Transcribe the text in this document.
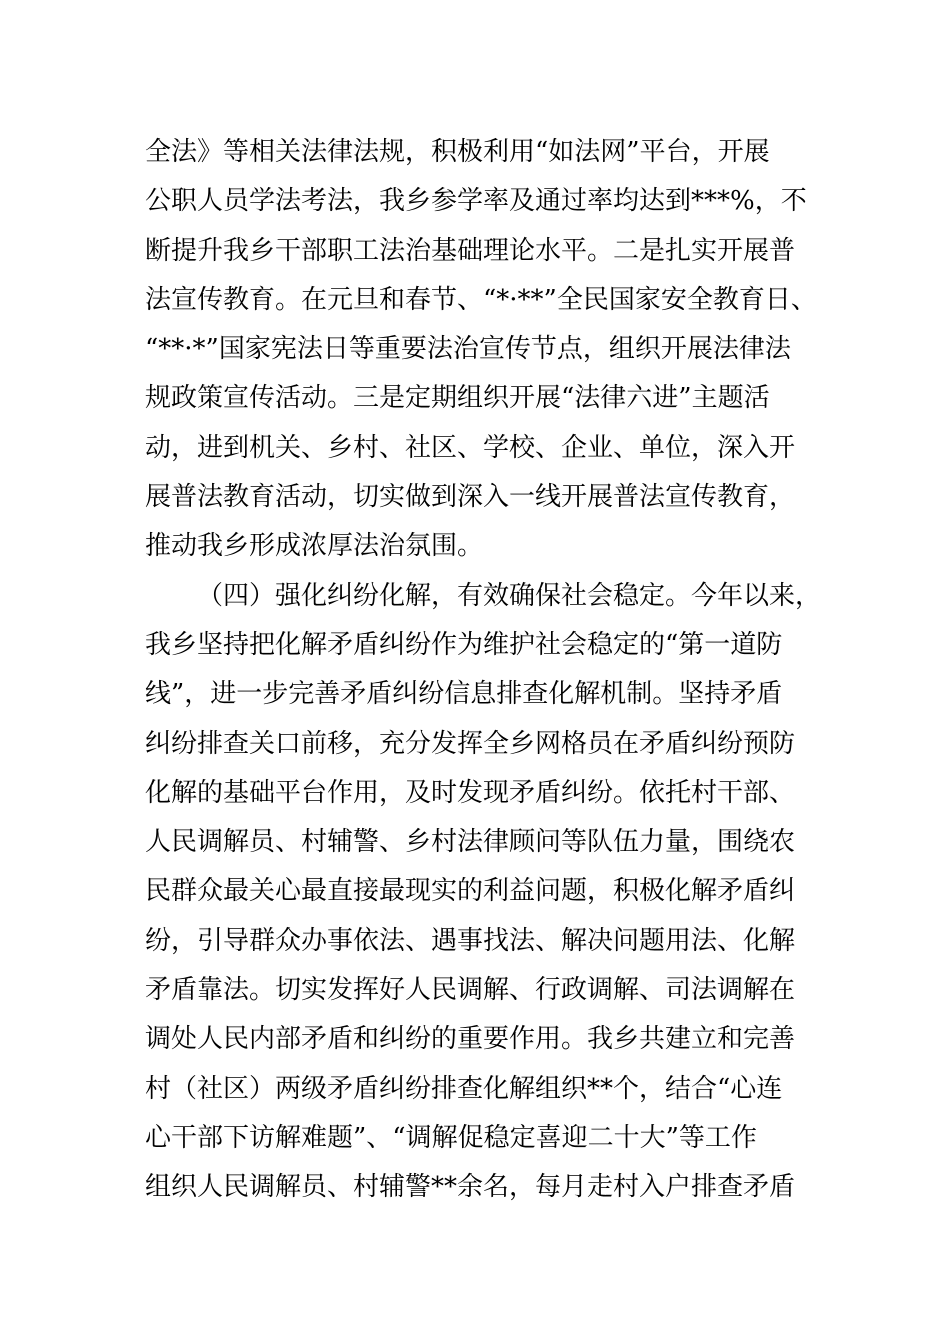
全法》等相关法律法规，积极利用“如法网”平台，开展
公职人员学法考法，我乡参学率及通过率均达到***%，不
断提升我乡干部职工法治基础理论水平。二是扎实开展普
法宣传教育。在元旦和春节、“*·**”全民国家安全教育日、
“**·*”国家宪法日等重要法治宣传节点，组织开展法律法
规政策宣传活动。三是定期组织开展“法律六进”主题活
动，进到机关、乡村、社区、学校、企业、单位，深入开
展普法教育活动，切实做到深入一线开展普法宣传教育，
推动我乡形成浓厚法治氛围。
（四）强化纠纷化解，有效确保社会稳定。今年以来，
我乡坚持把化解矛盾纠纷作为维护社会稳定的“第一道防
线”，进一步完善矛盾纠纷信息排查化解机制。坚持矛盾
纠纷排查关口前移，充分发挥全乡网格员在矛盾纠纷预防
化解的基础平台作用，及时发现矛盾纠纷。依托村干部、
人民调解员、村辅警、乡村法律顾问等队伍力量，围绕农
民群众最关心最直接最现实的利益问题，积极化解矛盾纠
纷，引导群众办事依法、遇事找法、解决问题用法、化解
矛盾靠法。切实发挥好人民调解、行政调解、司法调解在
调处人民内部矛盾和纠纷的重要作用。我乡共建立和完善
村（社区）两级矛盾纠纷排查化解组织**个，结合“心连
心干部下访解难题”、“调解促稳定喜迎二十大”等工作
组织人民调解员、村辅警**余名，每月走村入户排查矛盾
